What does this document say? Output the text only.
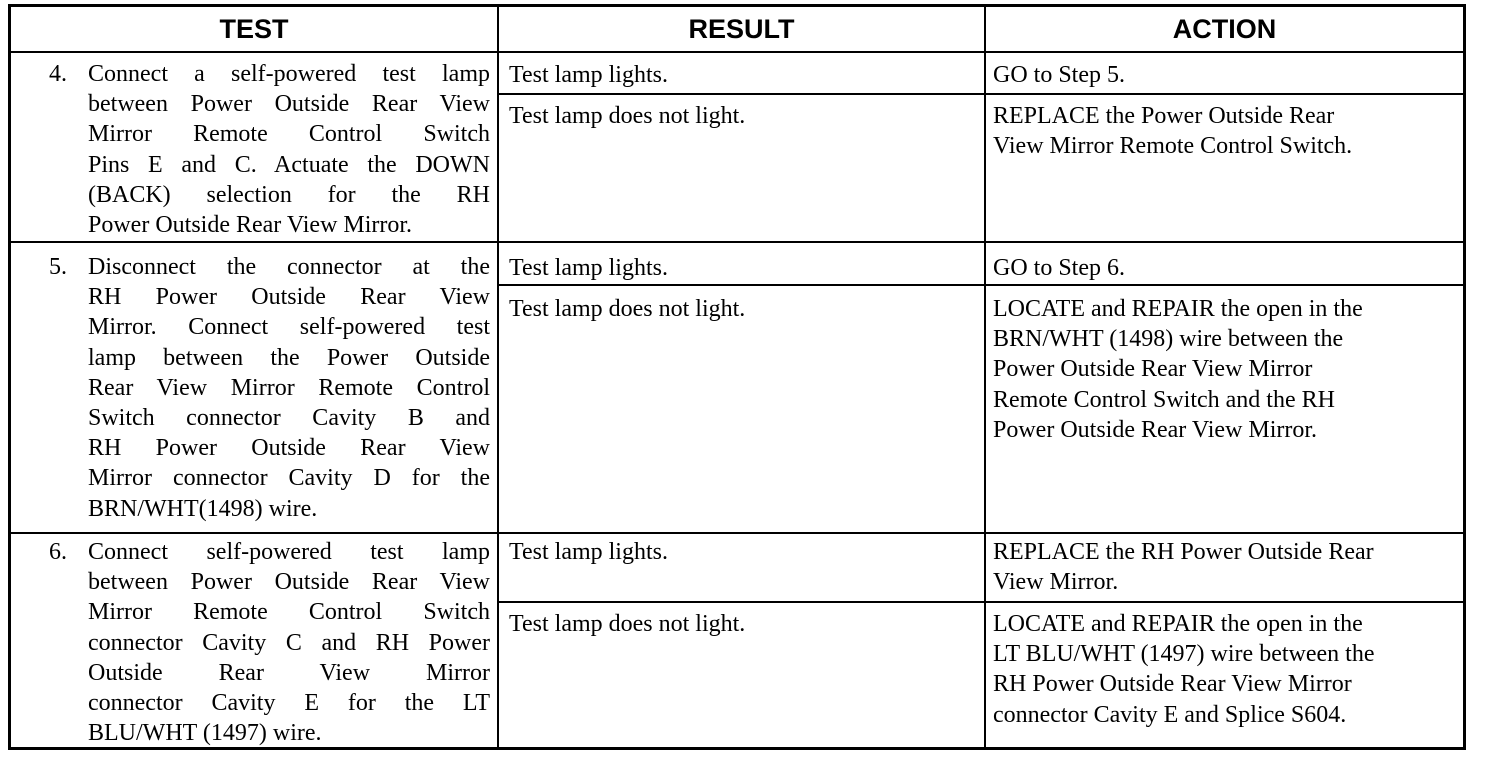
TEST	RESULT	ACTION
4. Connect a self-powered test lamp
between Power Outside Rear View
Mirror Remote Control Switch
Pins E and C. Actuate the DOWN
(BACK) selection for the RH
Power Outside Rear View Mirror.
Test lamp lights.	GO to Step 5.
Test lamp does not light.	REPLACE the Power Outside Rear
View Mirror Remote Control Switch.
5. Disconnect the connector at the
RH Power Outside Rear View
Mirror. Connect self-powered test
lamp between the Power Outside
Rear View Mirror Remote Control
Switch connector Cavity B and
RH Power Outside Rear View
Mirror connector Cavity D for the
BRN/WHT(1498) wire.
Test lamp lights.	GO to Step 6.
Test lamp does not light.	LOCATE and REPAIR the open in the
BRN/WHT (1498) wire between the
Power Outside Rear View Mirror
Remote Control Switch and the RH
Power Outside Rear View Mirror.
6. Connect self-powered test lamp
between Power Outside Rear View
Mirror Remote Control Switch
connector Cavity C and RH Power
Outside Rear View Mirror
connector Cavity E for the LT
BLU/WHT (1497) wire.
Test lamp lights.	REPLACE the RH Power Outside Rear
View Mirror.
Test lamp does not light.	LOCATE and REPAIR the open in the
LT BLU/WHT (1497) wire between the
RH Power Outside Rear View Mirror
connector Cavity E and Splice S604.
